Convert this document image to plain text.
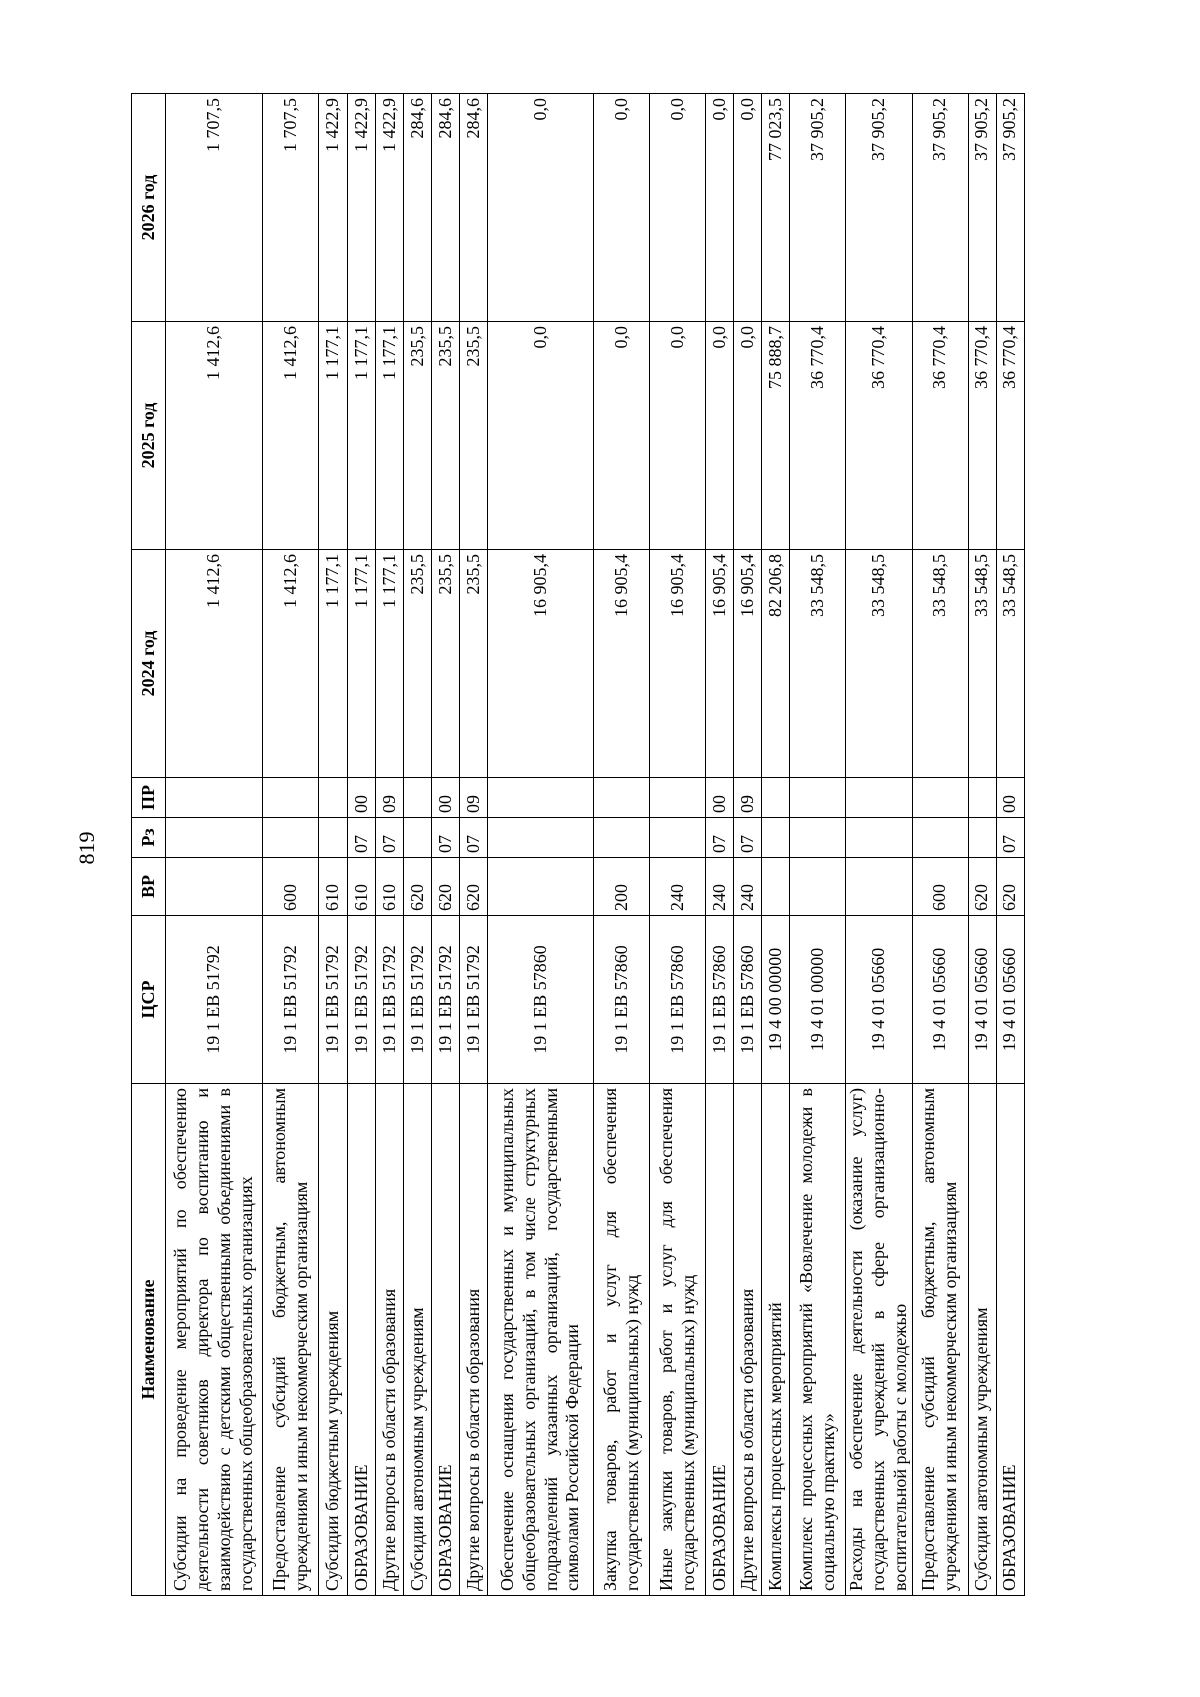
819
Наименование	ЦСР	ВР	Рз	ПР	2024 год	2025 год	2026 год
Субсидии на проведение мероприятий по обеспечению деятельности советников директора по воспитанию и взаимодействию с детскими общественными объединениями в государственных общеобразовательных организациях	19 1 EB 51792				1 412,6	1 412,6	1 707,5
Предоставление субсидий бюджетным, автономным учреждениям и иным некоммерческим организациям	19 1 EB 51792	600			1 412,6	1 412,6	1 707,5
Субсидии бюджетным учреждениям	19 1 EB 51792	610			1 177,1	1 177,1	1 422,9
ОБРАЗОВАНИЕ	19 1 EB 51792	610	07	00	1 177,1	1 177,1	1 422,9
Другие вопросы в области образования	19 1 EB 51792	610	07	09	1 177,1	1 177,1	1 422,9
Субсидии автономным учреждениям	19 1 EB 51792	620			235,5	235,5	284,6
ОБРАЗОВАНИЕ	19 1 EB 51792	620	07	00	235,5	235,5	284,6
Другие вопросы в области образования	19 1 EB 51792	620	07	09	235,5	235,5	284,6
Обеспечение оснащения государственных и муниципальных общеобразовательных организаций, в том числе структурных подразделений указанных организаций, государственными символами Российской Федерации	19 1 EB 57860				16 905,4	0,0	0,0
Закупка товаров, работ и услуг для обеспечения государственных (муниципальных) нужд	19 1 EB 57860	200			16 905,4	0,0	0,0
Иные закупки товаров, работ и услуг для обеспечения государственных (муниципальных) нужд	19 1 EB 57860	240			16 905,4	0,0	0,0
ОБРАЗОВАНИЕ	19 1 EB 57860	240	07	00	16 905,4	0,0	0,0
Другие вопросы в области образования	19 1 EB 57860	240	07	09	16 905,4	0,0	0,0
Комплексы процессных мероприятий	19 4 00 00000				82 206,8	75 888,7	77 023,5
Комплекс процессных мероприятий «Вовлечение молодежи в социальную практику»	19 4 01 00000				33 548,5	36 770,4	37 905,2
Расходы на обеспечение деятельности (оказание услуг) государственных учреждений в сфере организационно-воспитательной работы с молодежью	19 4 01 05660				33 548,5	36 770,4	37 905,2
Предоставление субсидий бюджетным, автономным учреждениям и иным некоммерческим организациям	19 4 01 05660	600			33 548,5	36 770,4	37 905,2
Субсидии автономным учреждениям	19 4 01 05660	620			33 548,5	36 770,4	37 905,2
ОБРАЗОВАНИЕ	19 4 01 05660	620	07	00	33 548,5	36 770,4	37 905,2
